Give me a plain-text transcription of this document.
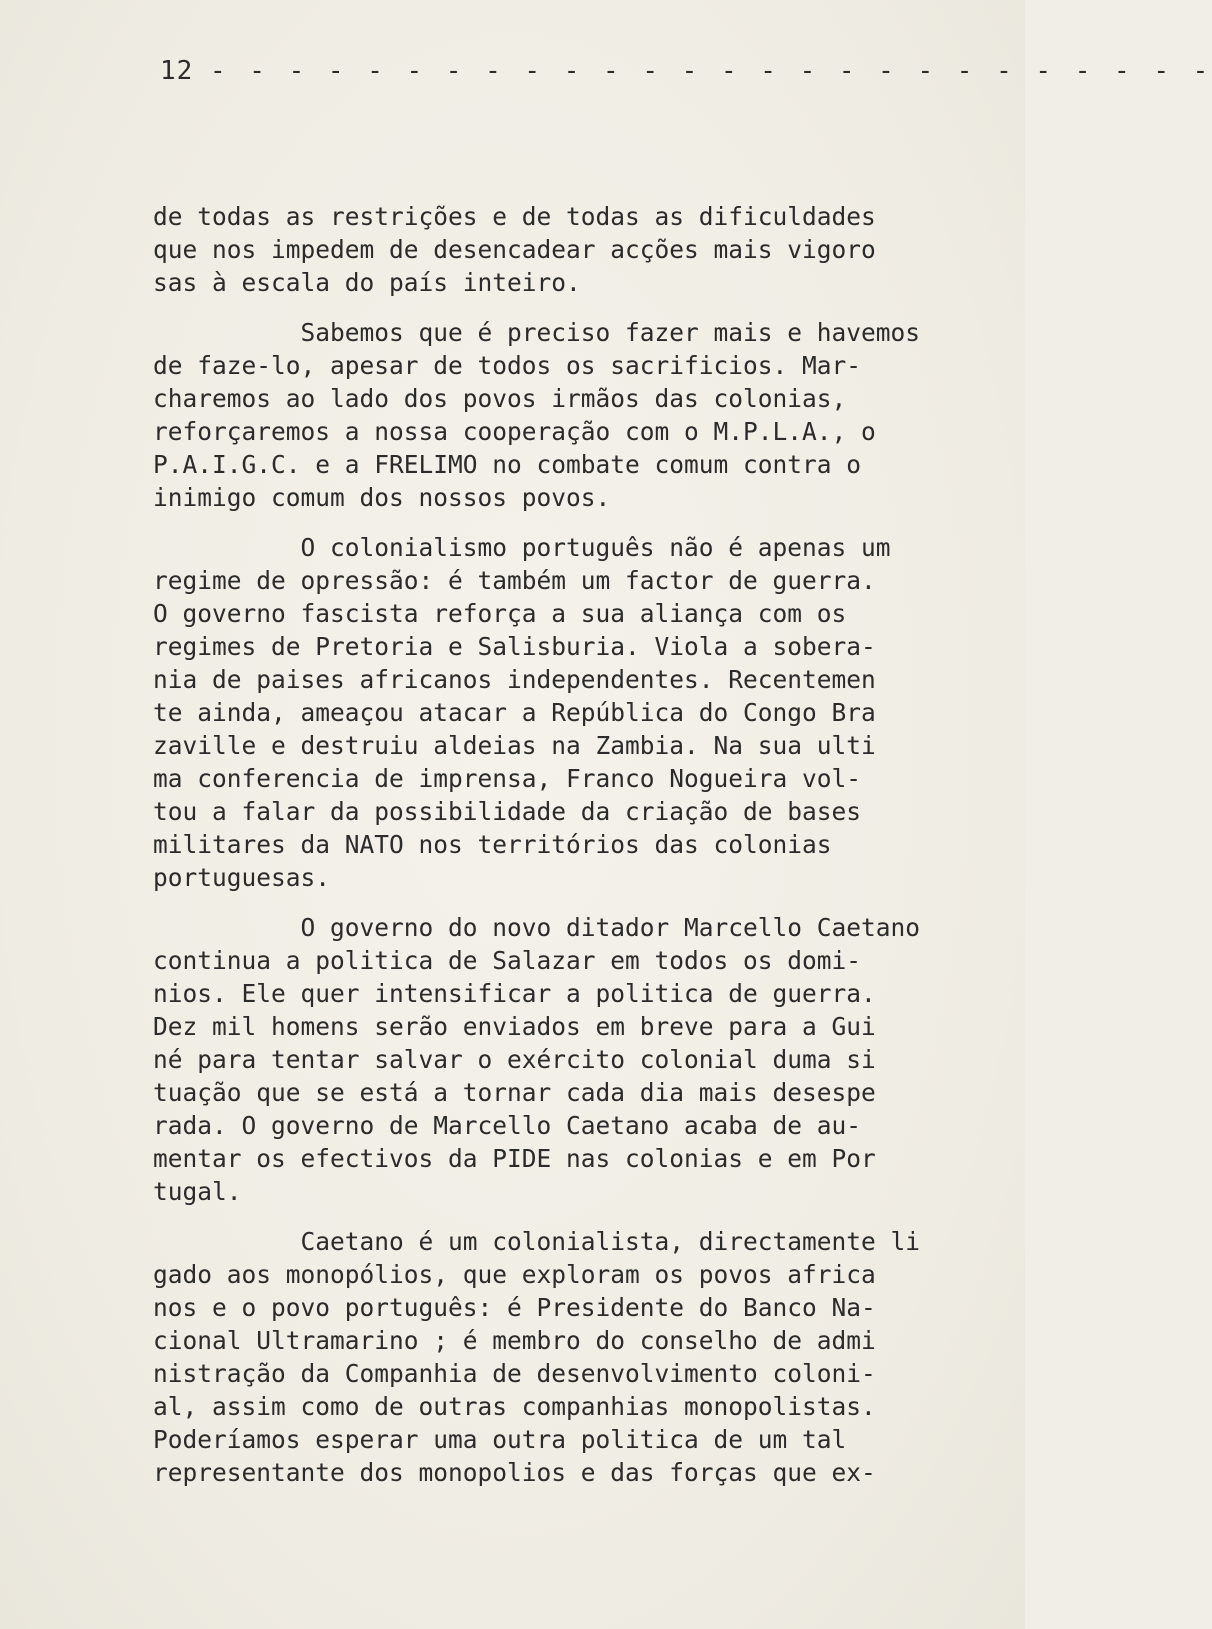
12 - - - - - - - - - - - - - - - - - - - - - - - - - -
de todas as restrições e de todas as dificuldades
que nos impedem de desencadear acções mais vigoro
sas à escala do país inteiro.
Sabemos que é preciso fazer mais e havemos
de faze-lo, apesar de todos os sacrificios. Mar-
charemos ao lado dos povos irmãos das colonias,
reforçaremos a nossa cooperação com o M.P.L.A., o
P.A.I.G.C. e a FRELIMO no combate comum contra o
inimigo comum dos nossos povos.
O colonialismo português não é apenas um
regime de opressão: é também um factor de guerra.
O governo fascista reforça a sua aliança com os
regimes de Pretoria e Salisburia. Viola a sobera-
nia de paises africanos independentes. Recentemen
te ainda, ameaçou atacar a República do Congo Bra
zaville e destruiu aldeias na Zambia. Na sua ulti
ma conferencia de imprensa, Franco Nogueira vol-
tou a falar da possibilidade da criação de bases
militares da NATO nos territórios das colonias
portuguesas.
O governo do novo ditador Marcello Caetano
continua a politica de Salazar em todos os domi-
nios. Ele quer intensificar a politica de guerra.
Dez mil homens serão enviados em breve para a Gui
né para tentar salvar o exército colonial duma si
tuação que se está a tornar cada dia mais desespe
rada. O governo de Marcello Caetano acaba de au-
mentar os efectivos da PIDE nas colonias e em Por
tugal.
Caetano é um colonialista, directamente li
gado aos monopólios, que exploram os povos africa
nos e o povo português: é Presidente do Banco Na-
cional Ultramarino ; é membro do conselho de admi
nistração da Companhia de desenvolvimento coloni-
al, assim como de outras companhias monopolistas.
Poderíamos esperar uma outra politica de um tal
representante dos monopolios e das forças que ex-
